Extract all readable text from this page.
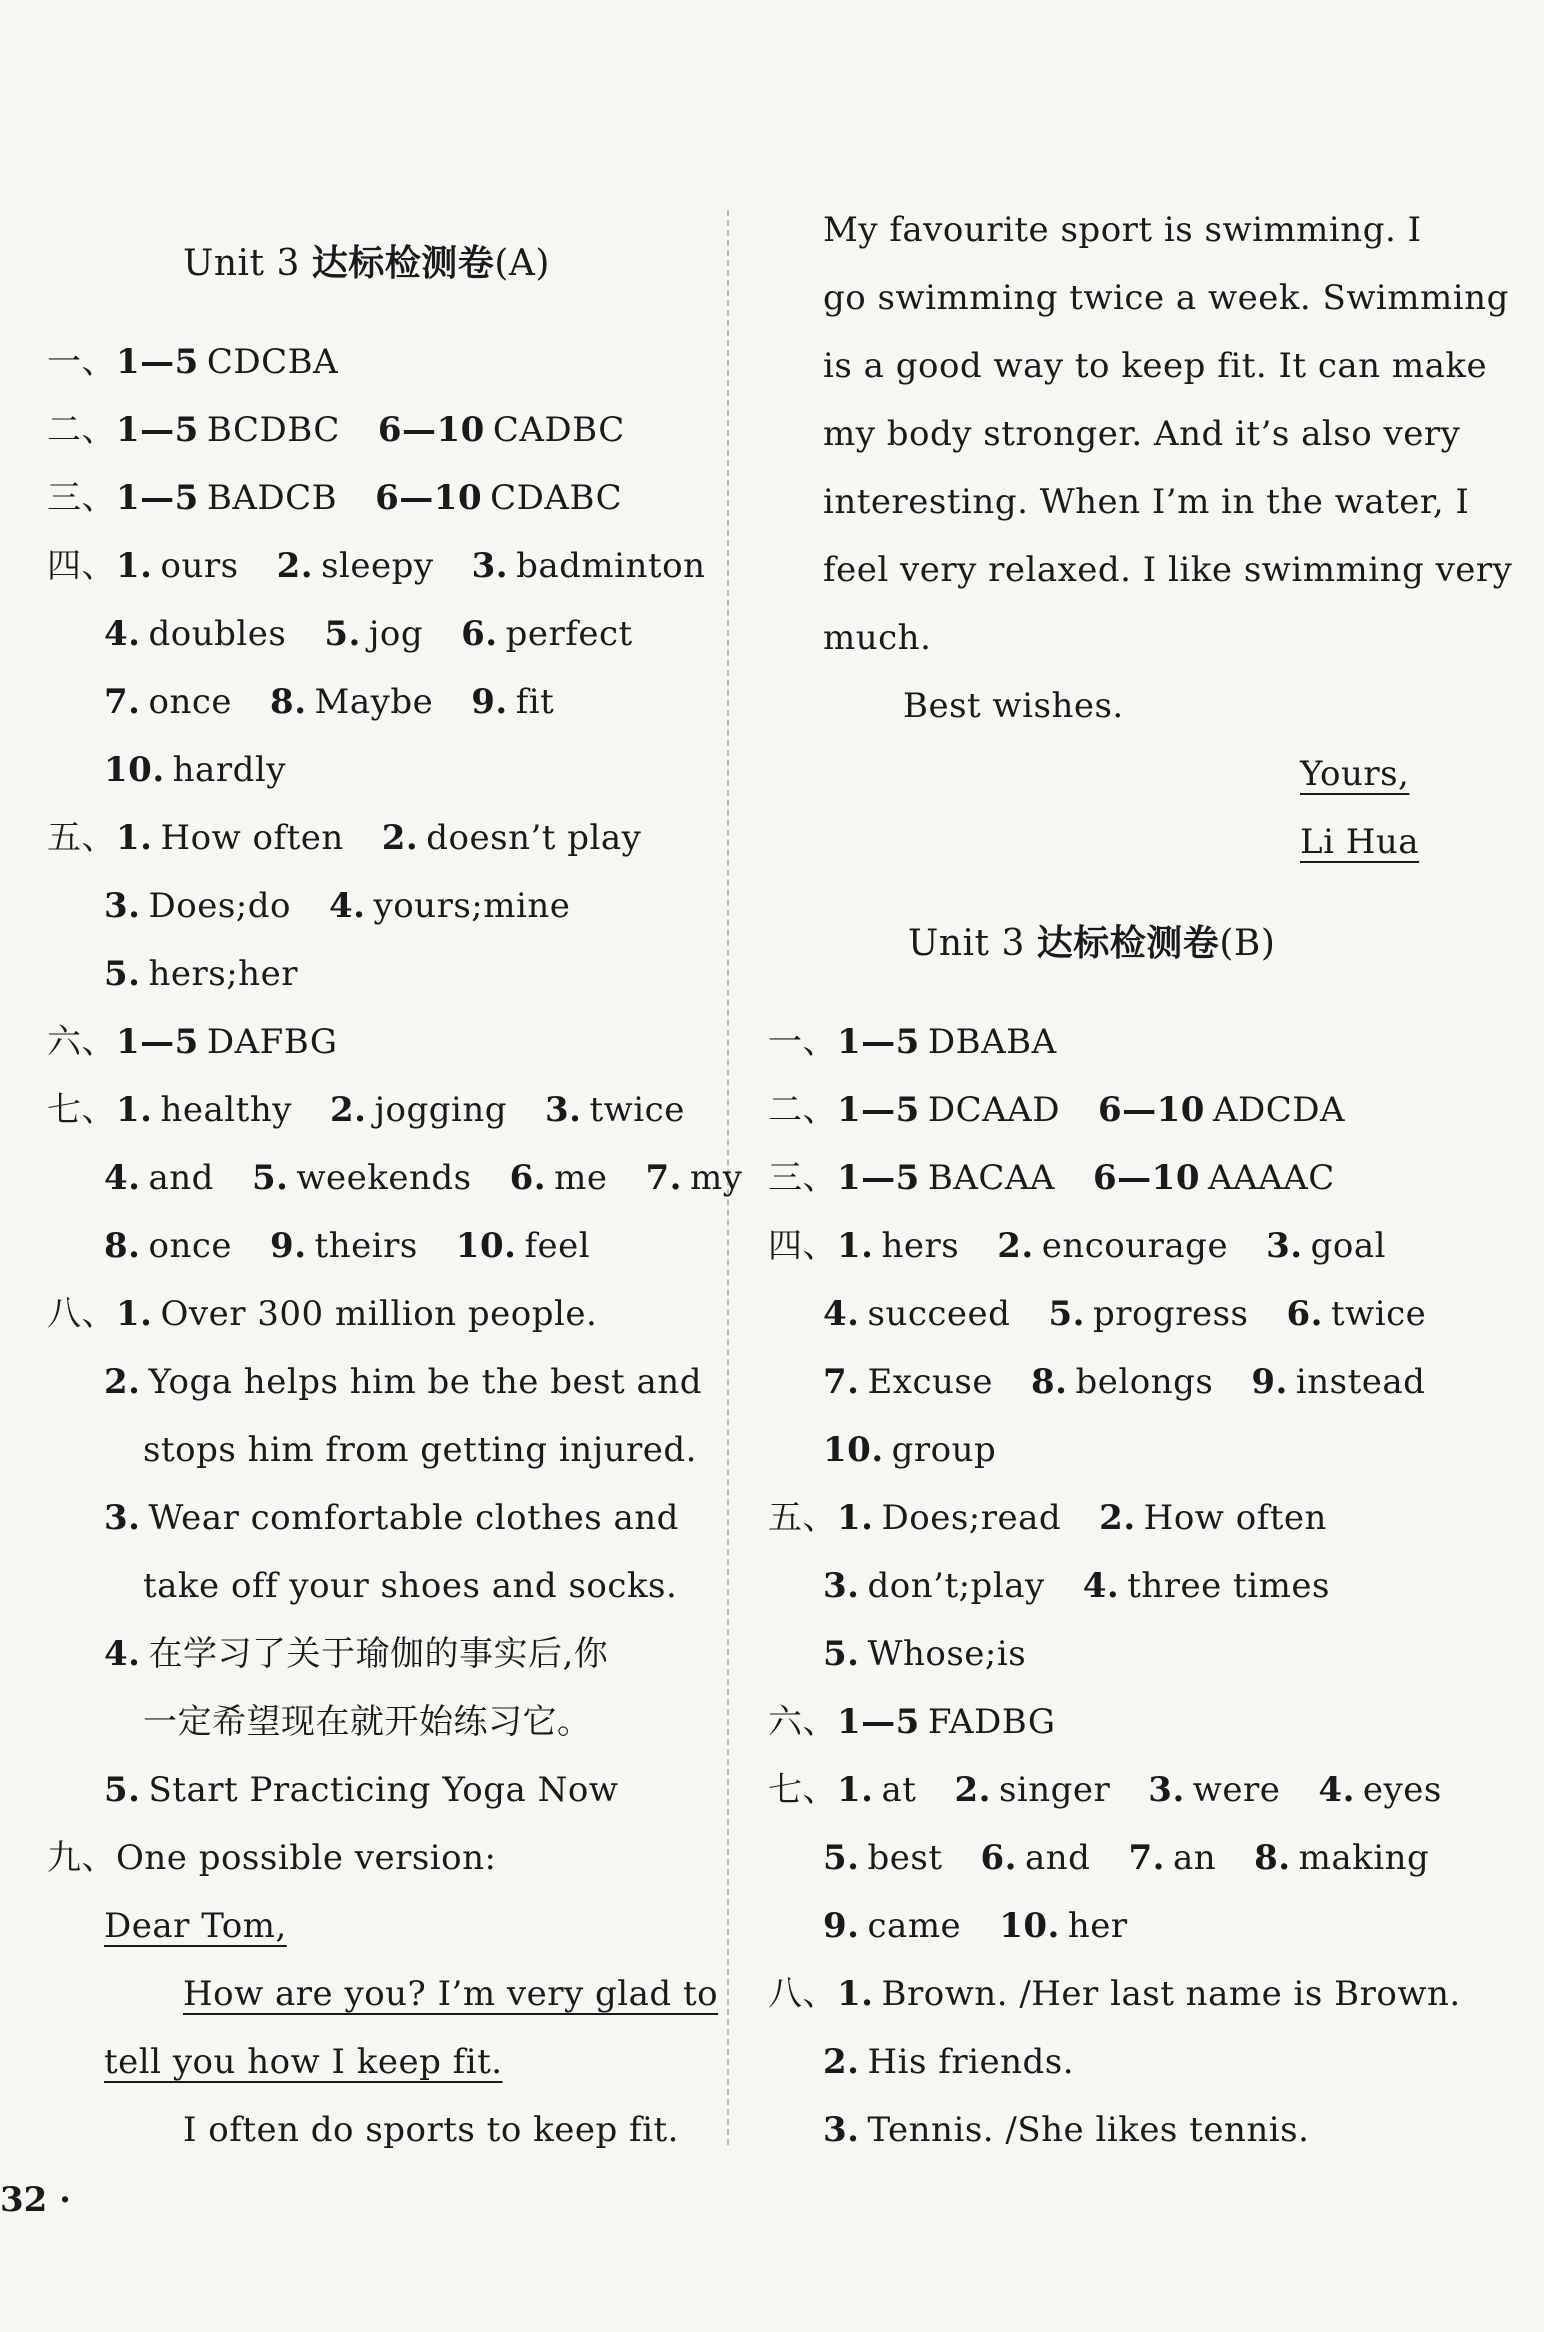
Unit 3 达标检测卷(A)
一、1—5 CDCBA
二、1—5 BCDBC 6—10 CADBC
三、1—5 BADCB 6—10 CDABC
四、1. ours 2. sleepy 3. badminton
4. doubles 5. jog 6. perfect
7. once 8. Maybe 9. fit
10. hardly
五、1. How often 2. doesn’t play
3. Does;do 4. yours;mine
5. hers;her
六、1—5 DAFBG
七、1. healthy 2. jogging 3. twice
4. and 5. weekends 6. me 7. my
8. once 9. theirs 10. feel
八、1. Over 300 million people.
2. Yoga helps him be the best and
stops him from getting injured.
3. Wear comfortable clothes and
take off your shoes and socks.
4. 在学习了关于瑜伽的事实后,你
一定希望现在就开始练习它。
5. Start Practicing Yoga Now
九、One possible version:
Dear Tom,
How are you? I’m very glad to
tell you how I keep fit.
I often do sports to keep fit.
My favourite sport is swimming. I
go swimming twice a week. Swimming
is a good way to keep fit. It can make
my body stronger. And it’s also very
interesting. When I’m in the water, I
feel very relaxed. I like swimming very
much.
Best wishes.
Yours,
Li Hua
Unit 3 达标检测卷(B)
一、1—5 DBABA
二、1—5 DCAAD 6—10 ADCDA
三、1—5 BACAA 6—10 AAAAC
四、1. hers 2. encourage 3. goal
4. succeed 5. progress 6. twice
7. Excuse 8. belongs 9. instead
10. group
五、1. Does;read 2. How often
3. don’t;play 4. three times
5. Whose;is
六、1—5 FADBG
七、1. at 2. singer 3. were 4. eyes
5. best 6. and 7. an 8. making
9. came 10. her
八、1. Brown. /Her last name is Brown.
2. His friends.
3. Tennis. /She likes tennis.
32 ·
